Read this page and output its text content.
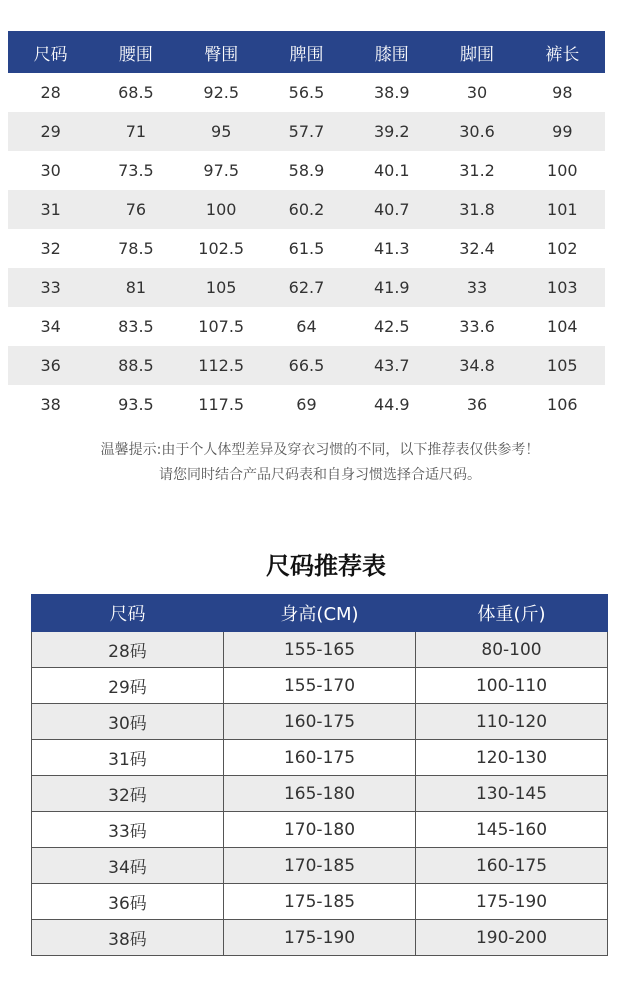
尺码	腰围	臀围	脾围	膝围	脚围	裤长
28	68.5	92.5	56.5	38.9	30	98
29	71	95	57.7	39.2	30.6	99
30	73.5	97.5	58.9	40.1	31.2	100
31	76	100	60.2	40.7	31.8	101
32	78.5	102.5	61.5	41.3	32.4	102
33	81	105	62.7	41.9	33	103
34	83.5	107.5	64	42.5	33.6	104
36	88.5	112.5	66.5	43.7	34.8	105
38	93.5	117.5	69	44.9	36	106
温馨提示:由于个人体型差异及穿衣习惯的不同，以下推荐表仅供参考！
请您同时结合产品尺码表和自身习惯选择合适尺码。
尺码推荐表
尺码	身高(CM)	体重(斤)
28码	155-165	80-100
29码	155-170	100-110
30码	160-175	110-120
31码	160-175	120-130
32码	165-180	130-145
33码	170-180	145-160
34码	170-185	160-175
36码	175-185	175-190
38码	175-190	190-200
